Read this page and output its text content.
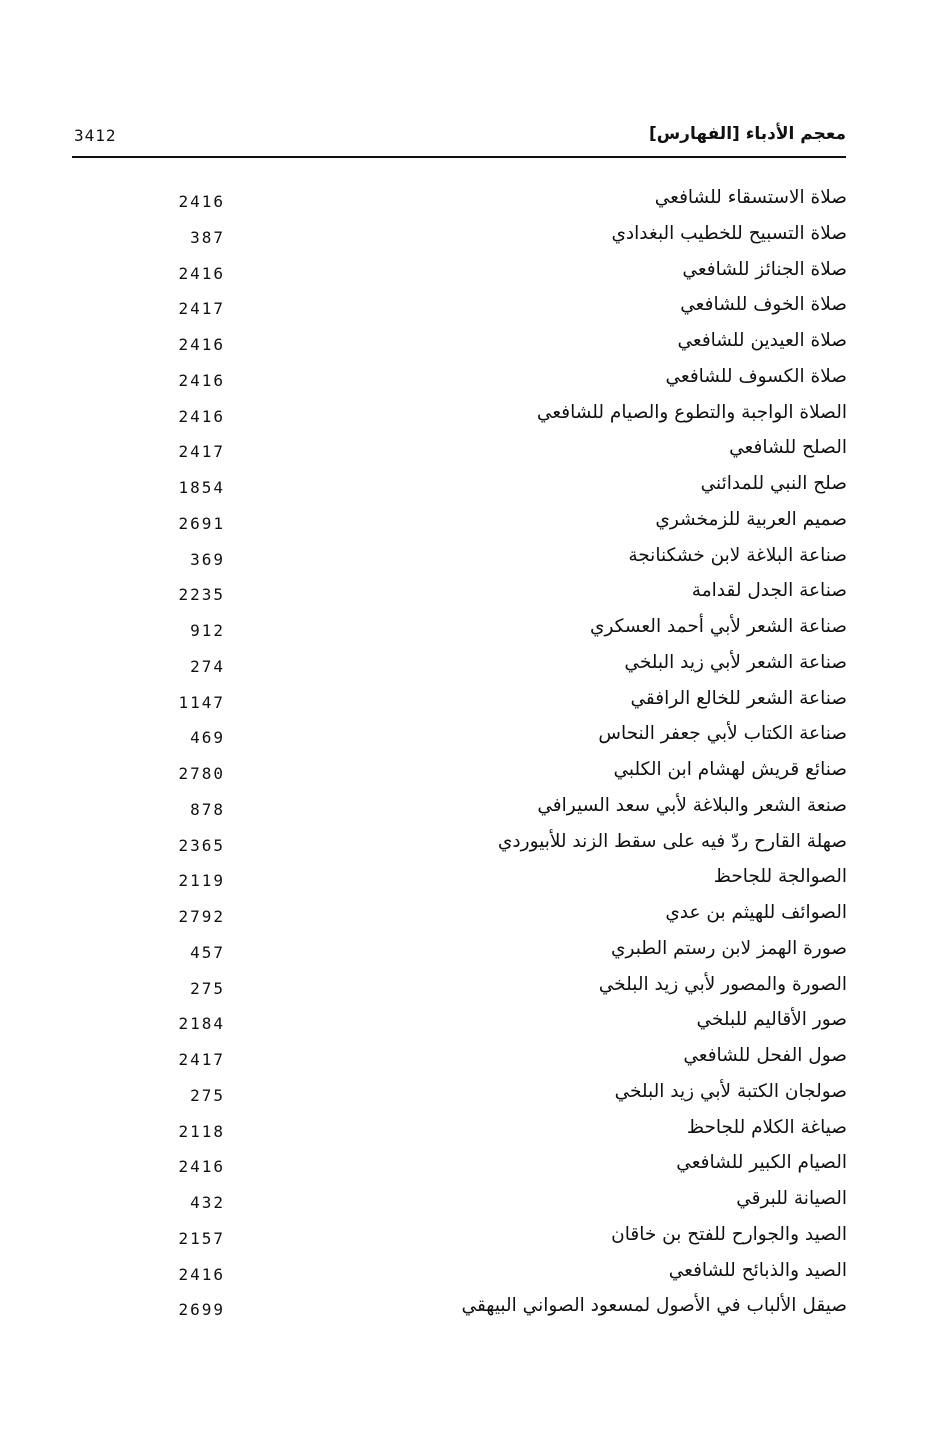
معجم الأدباء [الفهارس]
3412
صلاة الاستسقاء للشافعي
2416
صلاة التسبيح للخطيب البغدادي
387
صلاة الجنائز للشافعي
2416
صلاة الخوف للشافعي
2417
صلاة العيدين للشافعي
2416
صلاة الكسوف للشافعي
2416
الصلاة الواجبة والتطوع والصيام للشافعي
2416
الصلح للشافعي
2417
صلح النبي للمدائني
1854
صميم العربية للزمخشري
2691
صناعة البلاغة لابن خشكنانجة
369
صناعة الجدل لقدامة
2235
صناعة الشعر لأبي أحمد العسكري
912
صناعة الشعر لأبي زيد البلخي
274
صناعة الشعر للخالع الرافقي
1147
صناعة الكتاب لأبي جعفر النحاس
469
صنائع قريش لهشام ابن الكلبي
2780
صنعة الشعر والبلاغة لأبي سعد السيرافي
878
صهلة القارح ردّ فيه على سقط الزند للأبيوردي
2365
الصوالجة للجاحظ
2119
الصوائف للهيثم بن عدي
2792
صورة الهمز لابن رستم الطبري
457
الصورة والمصور لأبي زيد البلخي
275
صور الأقاليم للبلخي
2184
صول الفحل للشافعي
2417
صولجان الكتبة لأبي زيد البلخي
275
صياغة الكلام للجاحظ
2118
الصيام الكبير للشافعي
2416
الصيانة للبرقي
432
الصيد والجوارح للفتح بن خاقان
2157
الصيد والذبائح للشافعي
2416
صيقل الألباب في الأصول لمسعود الصواني البيهقي
2699
